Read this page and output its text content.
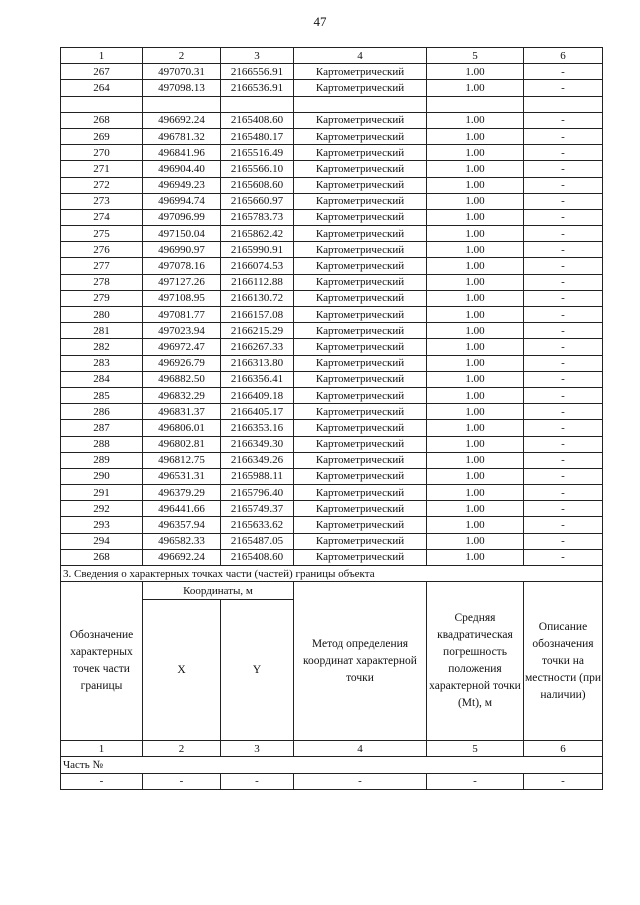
47
1	2	3	4	5	6
267	497070.31	2166556.91	Картометрический	1.00	-
264	497098.13	2166536.91	Картометрический	1.00	-

268	496692.24	2165408.60	Картометрический	1.00	-
269	496781.32	2165480.17	Картометрический	1.00	-
270	496841.96	2165516.49	Картометрический	1.00	-
271	496904.40	2165566.10	Картометрический	1.00	-
272	496949.23	2165608.60	Картометрический	1.00	-
273	496994.74	2165660.97	Картометрический	1.00	-
274	497096.99	2165783.73	Картометрический	1.00	-
275	497150.04	2165862.42	Картометрический	1.00	-
276	496990.97	2165990.91	Картометрический	1.00	-
277	497078.16	2166074.53	Картометрический	1.00	-
278	497127.26	2166112.88	Картометрический	1.00	-
279	497108.95	2166130.72	Картометрический	1.00	-
280	497081.77	2166157.08	Картометрический	1.00	-
281	497023.94	2166215.29	Картометрический	1.00	-
282	496972.47	2166267.33	Картометрический	1.00	-
283	496926.79	2166313.80	Картометрический	1.00	-
284	496882.50	2166356.41	Картометрический	1.00	-
285	496832.29	2166409.18	Картометрический	1.00	-
286	496831.37	2166405.17	Картометрический	1.00	-
287	496806.01	2166353.16	Картометрический	1.00	-
288	496802.81	2166349.30	Картометрический	1.00	-
289	496812.75	2166349.26	Картометрический	1.00	-
290	496531.31	2165988.11	Картометрический	1.00	-
291	496379.29	2165796.40	Картометрический	1.00	-
292	496441.66	2165749.37	Картометрический	1.00	-
293	496357.94	2165633.62	Картометрический	1.00	-
294	496582.33	2165487.05	Картометрический	1.00	-
268	496692.24	2165408.60	Картометрический	1.00	-
3. Сведения о характерных точках части (частей) границы объекта					
Обозначение характерных точек части границы	Координаты, м		Метод определения координат характерной точки	Средняя квадратическая погрешность положения характерной точки (Mt), м	Описание обозначения точки на местности (при наличии)
	X	Y			
1	2	3	4	5	6
Часть №					
-	-	-	-	-	-
